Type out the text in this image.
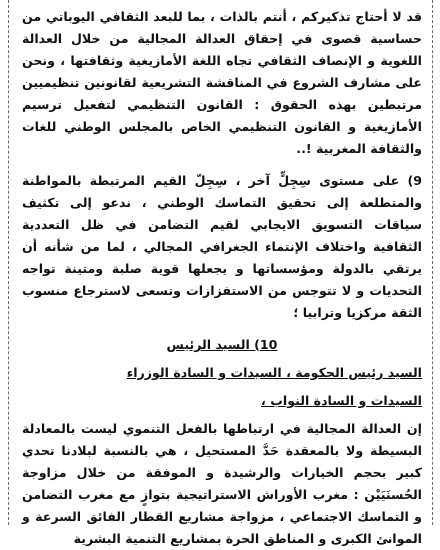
قد لا أحتاج تذكيركم ، أنتم بالذات ، بما للبعد الثقافي اليوباتي من حساسية قصوى في إحقاق العدالة المجالية من خلال العدالة اللغوية و الإنصاف الثقافي تجاه اللغة الأمازيغية وثقافتها ، ونحن على مشارف الشروع في المناقشة التشريعية لقانونين تنظيميين مرتبطين بهذه الحقوق : القانون التنظيمي لتفعيل ترسيم الأمازيغية و القانون التنظيمي الخاص بالمجلس الوطني للغات والثقافة المغربية !..

9) على مستوى سِجِلٍّ آخر ، سِجِلّ القيم المرتبطة بالمواطنة والمتطلعة إلى تحقيق التماسك الوطني ، ندعو إلى تكثيف سياقات التسويق الايجابي لقيم التضامن في ظل التعددية الثقافية واختلاف الإنتماء الجغرافي المجالي ، لما من شأنه أن يرتقي بالدولة ومؤسساتها و يجعلها قوية صلبة ومتينة تواجه التحديات و لا تتوجس من الاستفزازات وتسعى لاسترجاع منسوب الثقة مركزيا وترابيا ؛

10) السيد الرئيس

السيد رئيس الحكومة ، السيدات و السادة الوزراء

السيدات و السادة النواب ،

إن العدالة المجالية في ارتباطها بالفعل التنموي ليست بالمعادلة البسيطة ولا بالمعقدة حَدَّ المستحيل ، هي بالنسبة لبلادنا تحدي كبير بحجم الخيارات والرشيدة و الموفقة من خلال مزاوجة الحُسنَيَيْن : مغرب الأوراش الاستراتيجية بتوازٍ مع مغرب التضامن و التماسك الاجتماعي ، مزواجة مشاريع القطار الفائق السرعة و الموانئ الكبرى و المناطق الحرة بمشاريع التنمية البشرية
